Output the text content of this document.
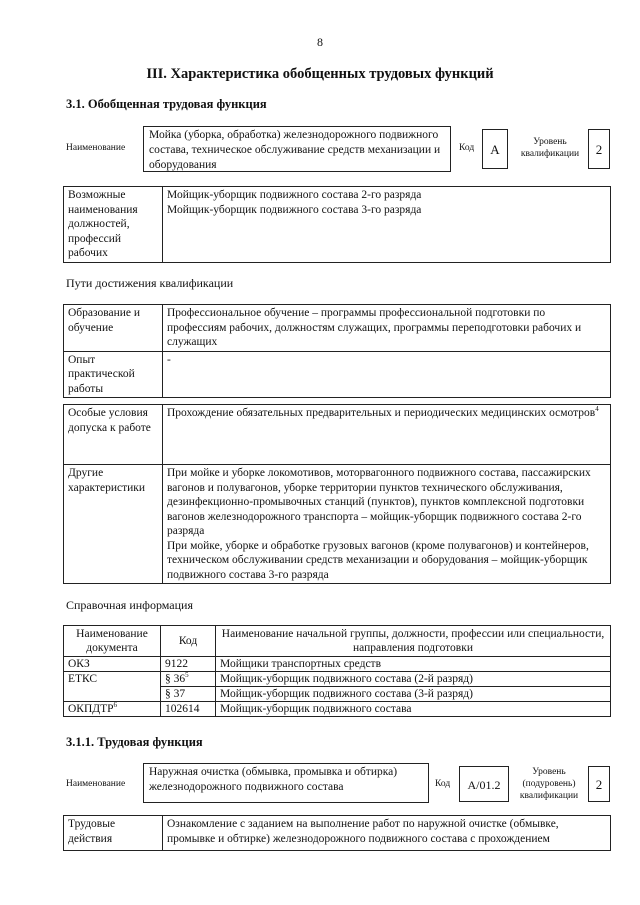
8
III. Характеристика обобщенных трудовых функций
3.1. Обобщенная трудовая функция
Наименование
Мойка (уборка, обработка) железнодорожного подвижного состава, техническое обслуживание средств механизации и оборудования
Код	А	Уровень квалификации	2
Возможные наименования должностей, профессий рабочих	
Мойщик-уборщик подвижного состава 2-го разряда
Мойщик-уборщик подвижного состава 3-го разряда
Пути достижения квалификации
Образование и обучение	Профессиональное обучение – программы профессиональной подготовки по профессиям рабочих, должностям служащих, программы переподготовки рабочих и служащих
Опыт практической работы	-
Особые условия допуска к работе	Прохождение обязательных предварительных и периодических медицинских осмотров$^4$
Другие характеристики	При мойке и уборке локомотивов, моторвагонного подвижного состава, пассажирских вагонов и полувагонов, уборке территории пунктов технического обслуживания, дезинфекционно-промывочных станций (пунктов), пунктов комплексной подготовки вагонов железнодорожного транспорта – мойщик-уборщик подвижного состава 2-го разряда
При мойке, уборке и обработке грузовых вагонов (кроме полувагонов) и контейнеров, техническом обслуживании средств механизации и оборудования – мойщик-уборщик подвижного состава 3-го разряда
Справочная информация
Наименование документа	Код	Наименование начальной группы, должности, профессии или специальности, направления подготовки
ОКЗ	9122	Мойщики транспортных средств
ЕТКС	§ $36^5$	Мойщик-уборщик подвижного состава (2-й разряд)
	§ 37	Мойщик-уборщик подвижного состава (3-й разряд)
ОКПДТР$^6$	102614	Мойщик-уборщик подвижного состава
3.1.1. Трудовая функция
Наименование
Наружная очистка (обмывка, промывка и обтирка) железнодорожного подвижного состава	Код	А/01.2
Уровень (подуровень) квалификации
2
Трудовые действия	Ознакомление с заданием на выполнение работ по наружной очистке (обмывке, промывке и обтирке) железнодорожного подвижного состава с прохождением
